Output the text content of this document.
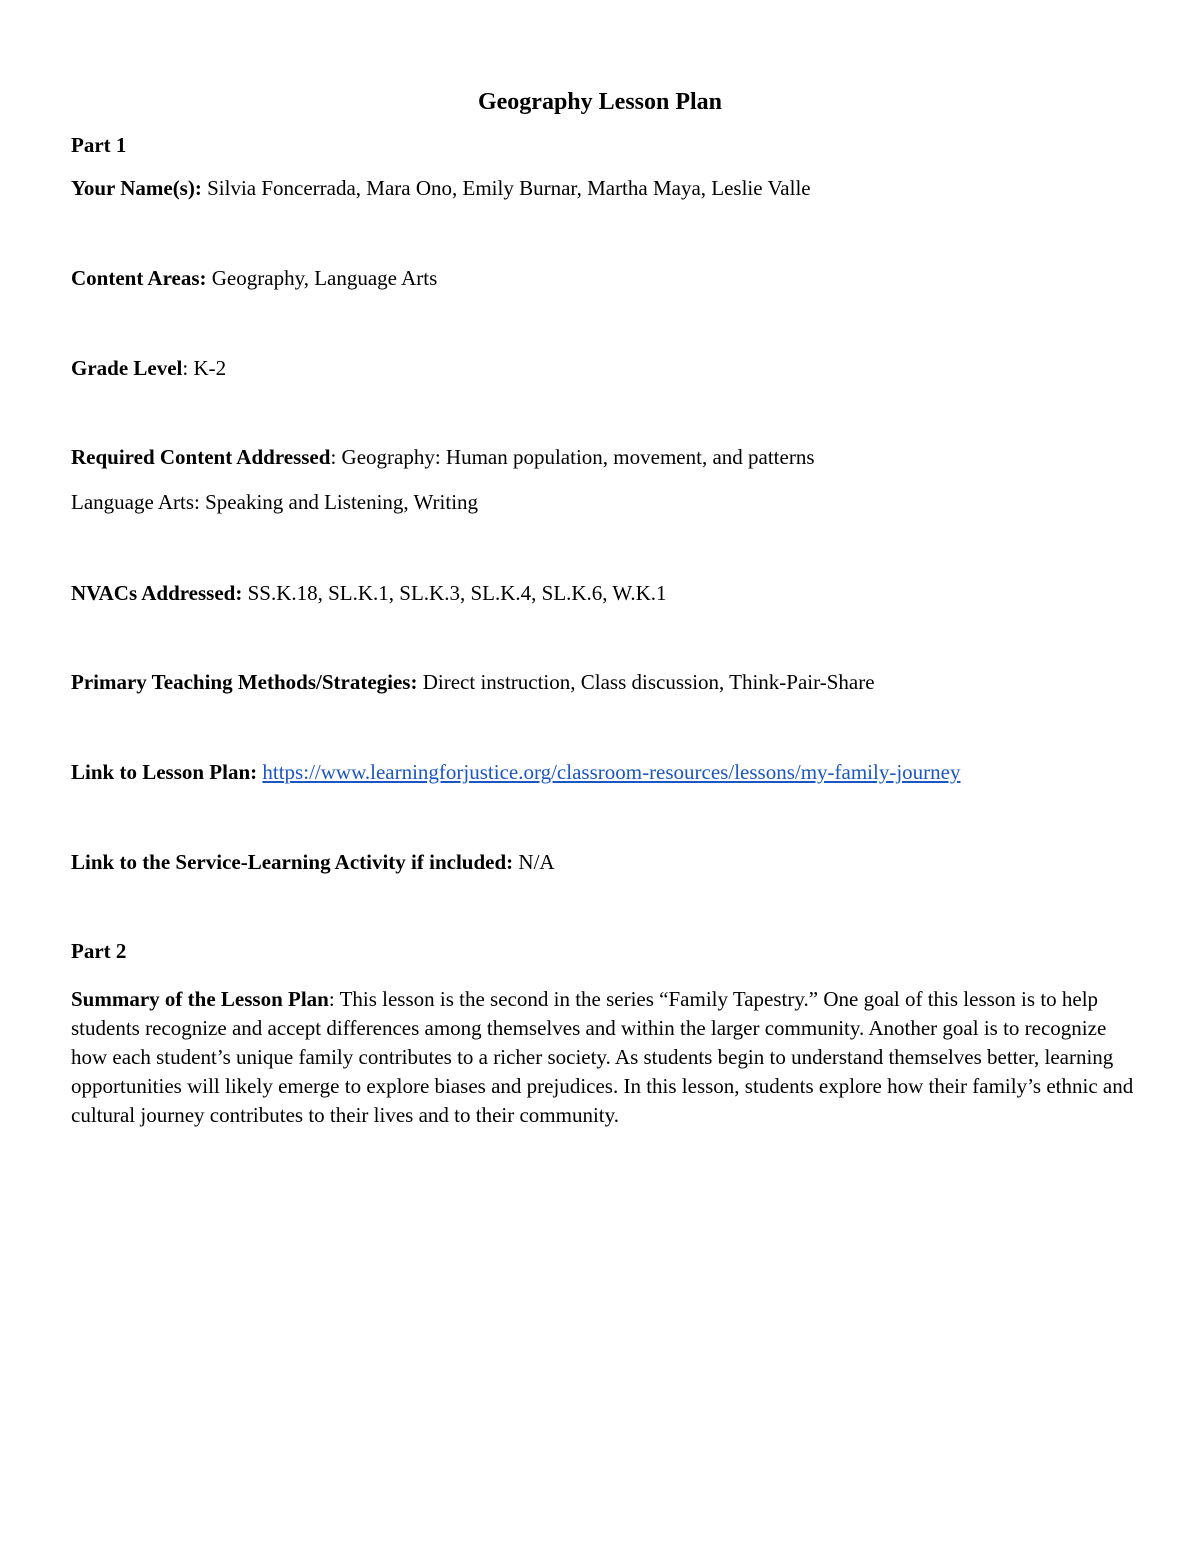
Geography Lesson Plan
Part 1
Your Name(s): Silvia Foncerrada, Mara Ono, Emily Burnar, Martha Maya, Leslie Valle
Content Areas: Geography, Language Arts
Grade Level: K-2
Required Content Addressed: Geography: Human population, movement, and patterns
Language Arts: Speaking and Listening, Writing
NVACs Addressed: SS.K.18, SL.K.1, SL.K.3, SL.K.4, SL.K.6, W.K.1
Primary Teaching Methods/Strategies: Direct instruction, Class discussion, Think-Pair-Share
Link to Lesson Plan: https://www.learningforjustice.org/classroom-resources/lessons/my-family-journey
Link to the Service-Learning Activity if included: N/A
Part 2
Summary of the Lesson Plan: This lesson is the second in the series “Family Tapestry.” One goal of this lesson is to help students recognize and accept differences among themselves and within the larger community. Another goal is to recognize how each student’s unique family contributes to a richer society. As students begin to understand themselves better, learning opportunities will likely emerge to explore biases and prejudices. In this lesson, students explore how their family’s ethnic and cultural journey contributes to their lives and to their community.
